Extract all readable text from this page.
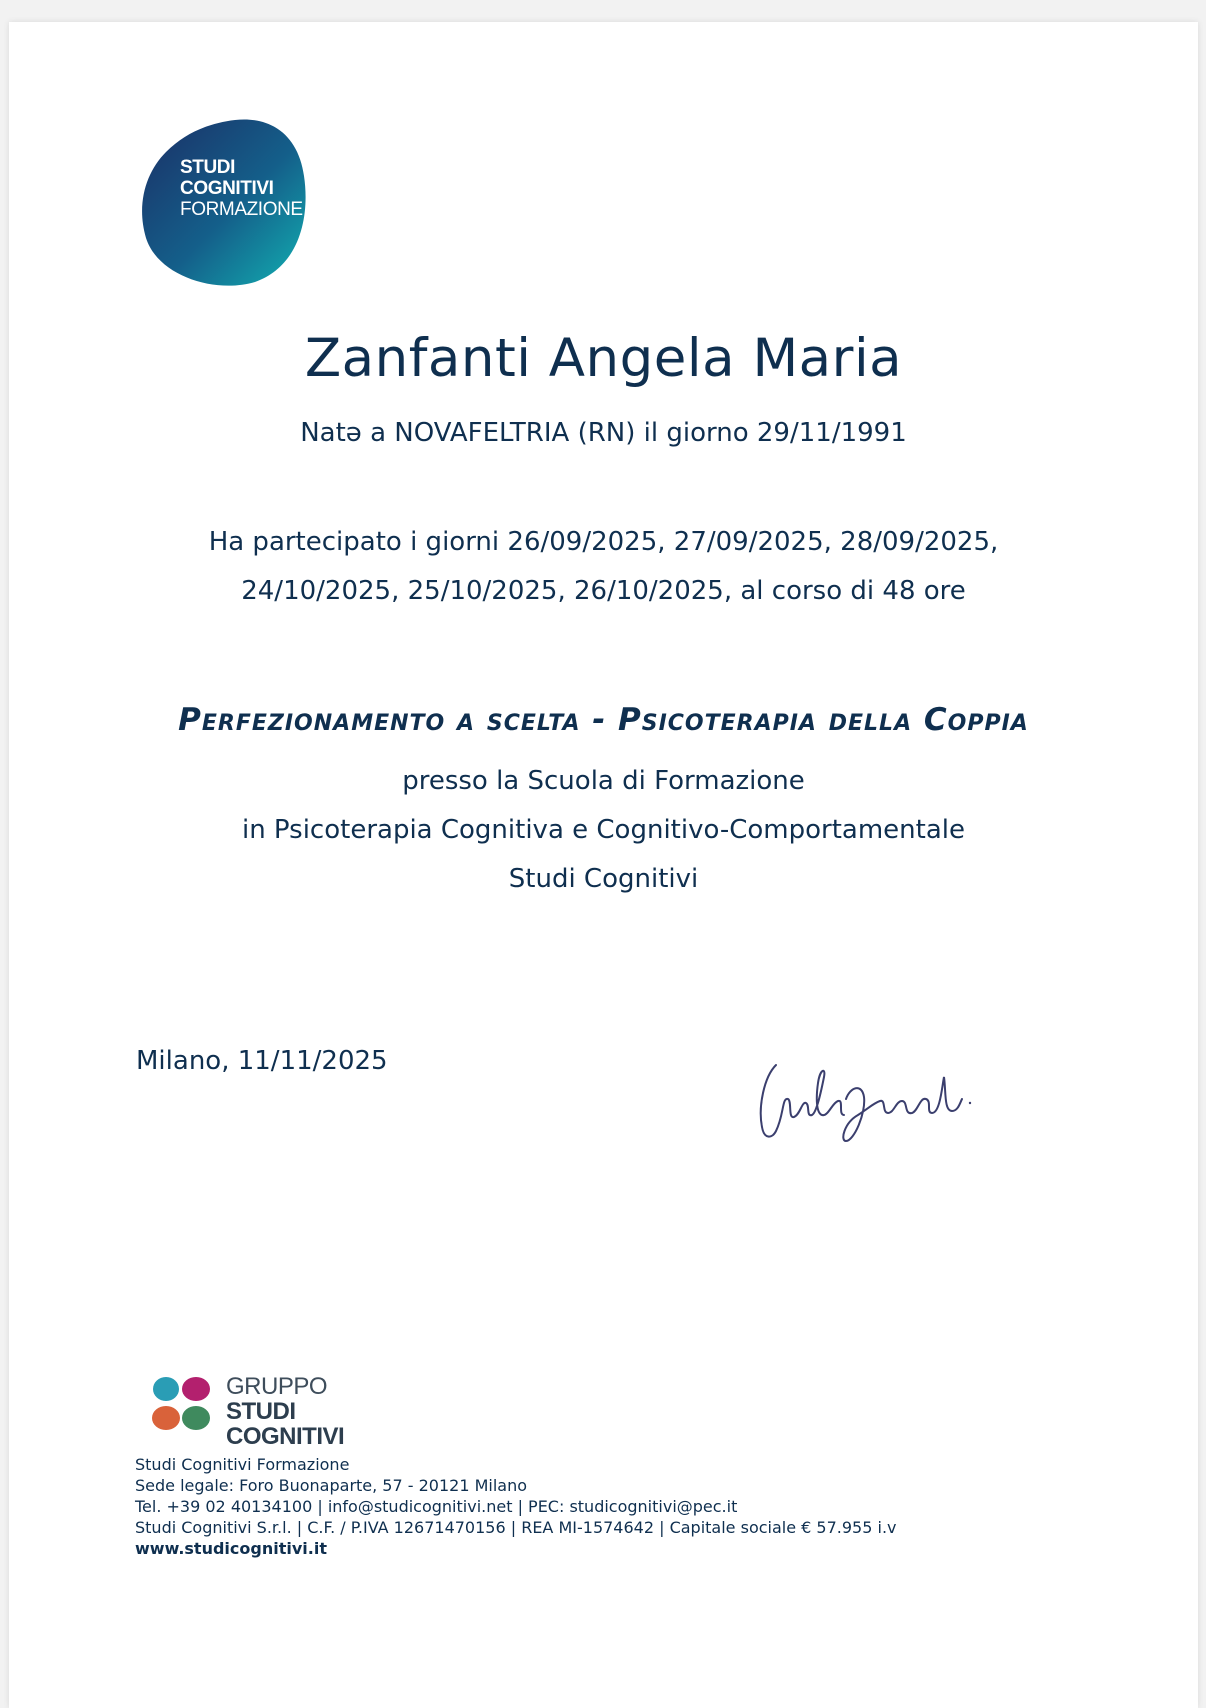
STUDI
COGNITIVI
FORMAZIONE
Zanfanti Angela Maria
Natə a NOVAFELTRIA (RN) il giorno 29/11/1991
Ha partecipato i giorni 26/09/2025, 27/09/2025, 28/09/2025,
24/10/2025, 25/10/2025, 26/10/2025, al corso di 48 ore
Perfezionamento a scelta - Psicoterapia della Coppia
presso la Scuola di Formazione
in Psicoterapia Cognitiva e Cognitivo-Comportamentale
Studi Cognitivi
Milano, 11/11/2025
GRUPPO
STUDI COGNITIVI
Studi Cognitivi Formazione
Sede legale: Foro Buonaparte, 57 - 20121 Milano
Tel. +39 02 40134100 | info@studicognitivi.net | PEC: studicognitivi@pec.it
Studi Cognitivi S.r.l. | C.F. / P.IVA 12671470156 | REA MI-1574642 | Capitale sociale € 57.955 i.v
www.studicognitivi.it
